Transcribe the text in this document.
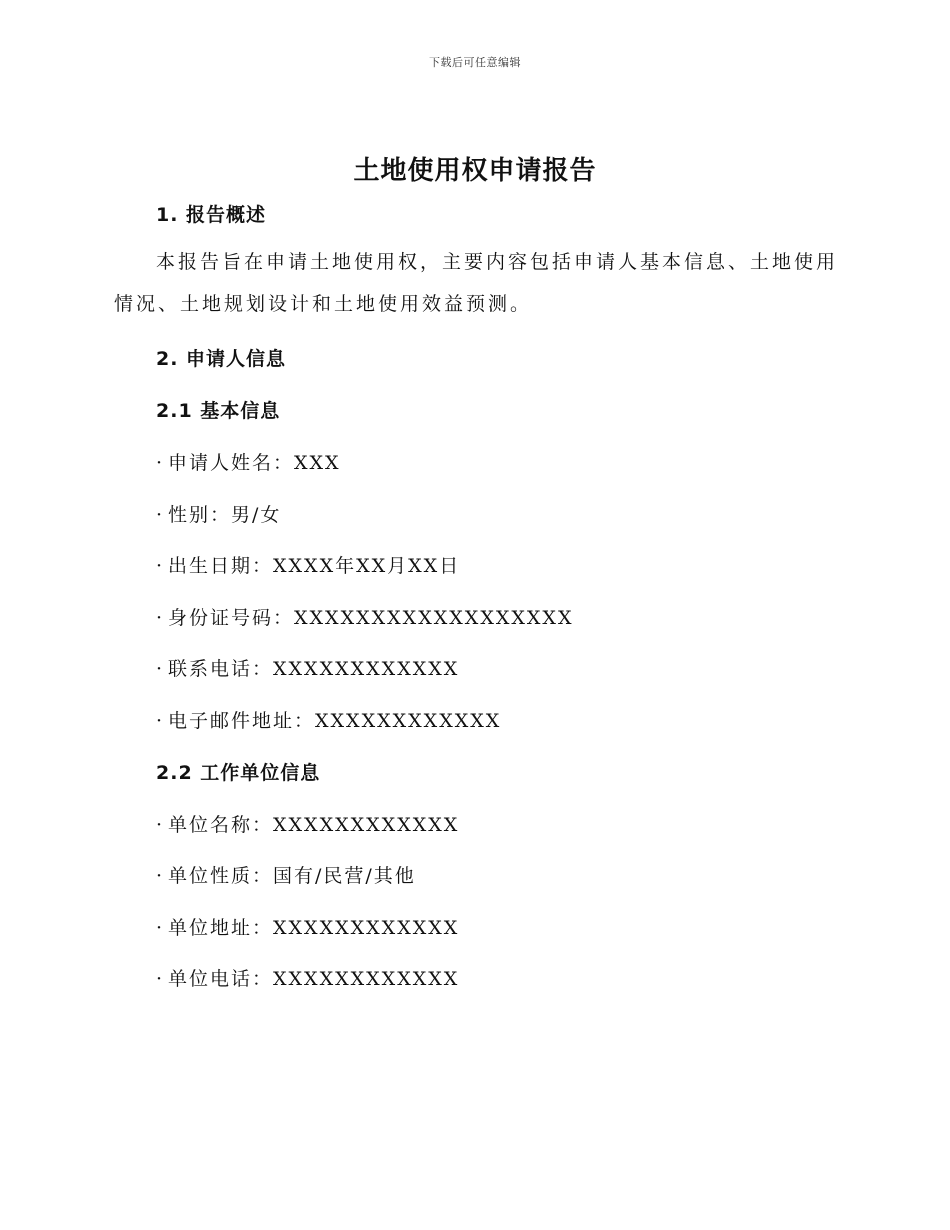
下载后可任意编辑
土地使用权申请报告
1. 报告概述
本报告旨在申请土地使用权，主要内容包括申请人基本信息、土地使用情况、土地规划设计和土地使用效益预测。
2. 申请人信息
2.1 基本信息
· 申请人姓名：XXX
· 性别：男/女
· 出生日期：XXXX年XX月XX日
· 身份证号码：XXXXXXXXXXXXXXXXXX
· 联系电话：XXXXXXXXXXXX
· 电子邮件地址：XXXXXXXXXXXX
2.2 工作单位信息
· 单位名称：XXXXXXXXXXXX
· 单位性质：国有/民营/其他
· 单位地址：XXXXXXXXXXXX
· 单位电话：XXXXXXXXXXXX
